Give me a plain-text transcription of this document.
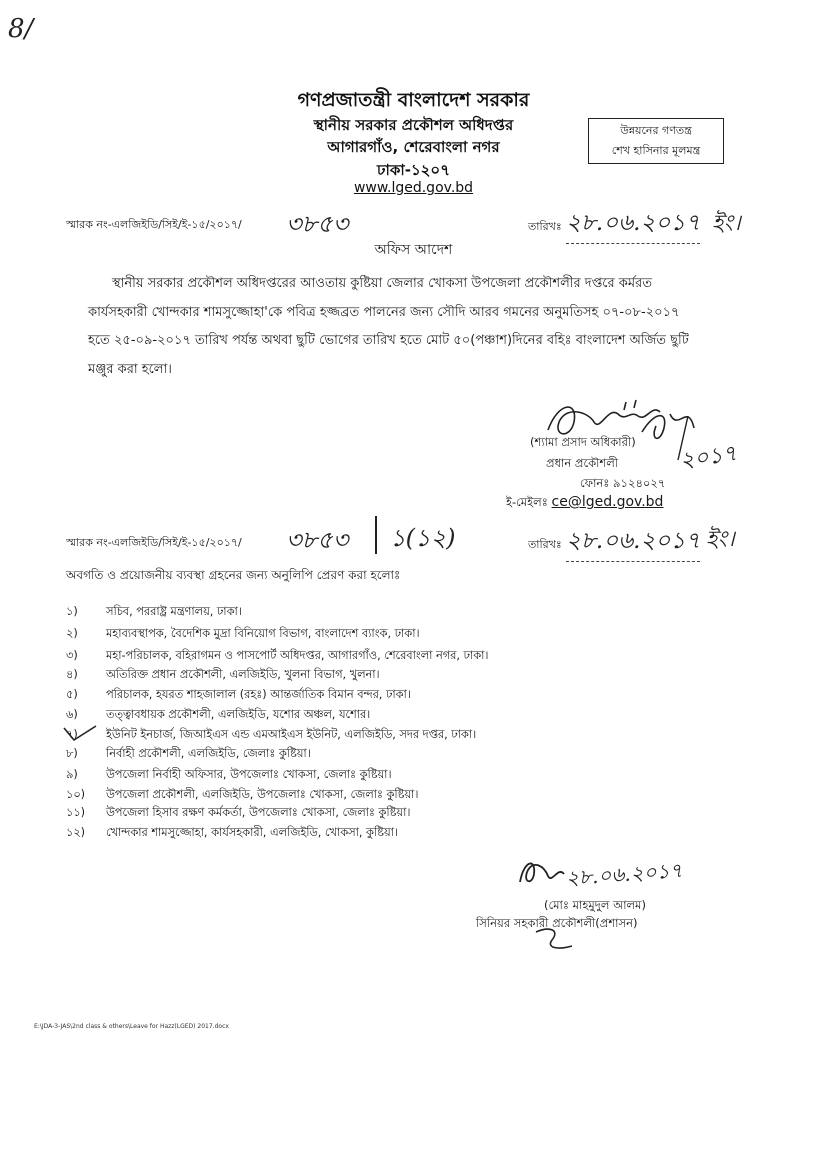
8/
গণপ্রজাতন্ত্রী বাংলাদেশ সরকার
স্থানীয় সরকার প্রকৌশল অধিদপ্তর
আগারগাঁও, শেরেবাংলা নগর
ঢাকা-১২০৭
www.lged.gov.bd
উন্নয়নের গণতন্ত্র
শেখ হাসিনার মূলমন্ত্র
স্মারক নং-এলজিইডি/সিই/ই-১৫/২০১৭/ ৩৮৫৩	তারিখঃ ২৮.০৬.২০১৭ ইং।
অফিস আদেশ
স্থানীয় সরকার প্রকৌশল অধিদপ্তরের আওতায় কুষ্টিয়া জেলার খোকসা উপজেলা প্রকৌশলীর দপ্তরে কর্মরত
কার্যসহকারী খোন্দকার শামসুজ্জোহা'কে পবিত্র হজ্জব্রত পালনের জন্য সৌদি আরব গমনের অনুমতিসহ ০৭-০৮-২০১৭
হতে ২৫-০৯-২০১৭ তারিখ পর্যন্ত অথবা ছুটি ভোগের তারিখ হতে মোট ৫০(পঞ্চাশ)দিনের বহিঃ বাংলাদেশ অর্জিত ছুটি
মঞ্জুর করা হলো।
২০১৭
(শ্যামা প্রসাদ অধিকারী)
প্রধান প্রকৌশলী
ফোনঃ ৯১২৪০২৭
ই-মেইলঃ ce@lged.gov.bd
স্মারক নং-এলজিইডি/সিই/ই-১৫/২০১৭/ ৩৮৫৩ ১(১২)	তারিখঃ ২৮.০৬.২০১৭ ইং।
অবগতি ও প্রয়োজনীয় ব্যবস্থা গ্রহনের জন্য অনুলিপি প্রেরণ করা হলোঃ
১)	সচিব, পররাষ্ট্র মন্ত্রণালয়, ঢাকা।
২) মহাব্যবস্থাপক, বৈদেশিক মুদ্রা বিনিয়োগ বিভাগ, বাংলাদেশ ব্যাংক, ঢাকা।
৩) মহা-পরিচালক, বহিরাগমন ও পাসপোর্ট অধিদপ্তর, আগারগাঁও, শেরেবাংলা নগর, ঢাকা।
৪)	অতিরিক্ত প্রধান প্রকৌশলী, এলজিইডি, খুলনা বিভাগ, খুলনা।
৫)	পরিচালক, হযরত শাহজালাল (রহঃ) আন্তর্জাতিক বিমান বন্দর, ঢাকা।
৬) তত্ত্বাবধায়ক প্রকৌশলী, এলজিইডি, যশোর অঞ্চল, যশোর।
৭) ইউনিট ইনচার্জ, জিআইএস এন্ড এমআইএস ইউনিট, এলজিইডি, সদর দপ্তর, ঢাকা।
৮)	নির্বাহী প্রকৌশলী, এলজিইডি, জেলাঃ কুষ্টিয়া।
৯)	উপজেলা নির্বাহী অফিসার, উপজেলাঃ খোকসা, জেলাঃ কুষ্টিয়া।
১০) উপজেলা প্রকৌশলী, এলজিইডি, উপজেলাঃ খোকসা, জেলাঃ কুষ্টিয়া।
১১) উপজেলা হিসাব রক্ষণ কর্মকর্তা, উপজেলাঃ খোকসা, জেলাঃ কুষ্টিয়া।
১২) খোন্দকার শামসুজ্জোহা, কার্যসহকারী, এলজিইডি, খোকসা, কুষ্টিয়া।
২৮.০৬.২০১৭
(মোঃ মাহমুদুল আলম)
সিনিয়র সহকারী প্রকৌশলী(প্রশাসন)
E:\JDA-3-JAS\2nd class & others\Leave for Hazz(LGED) 2017.docx
